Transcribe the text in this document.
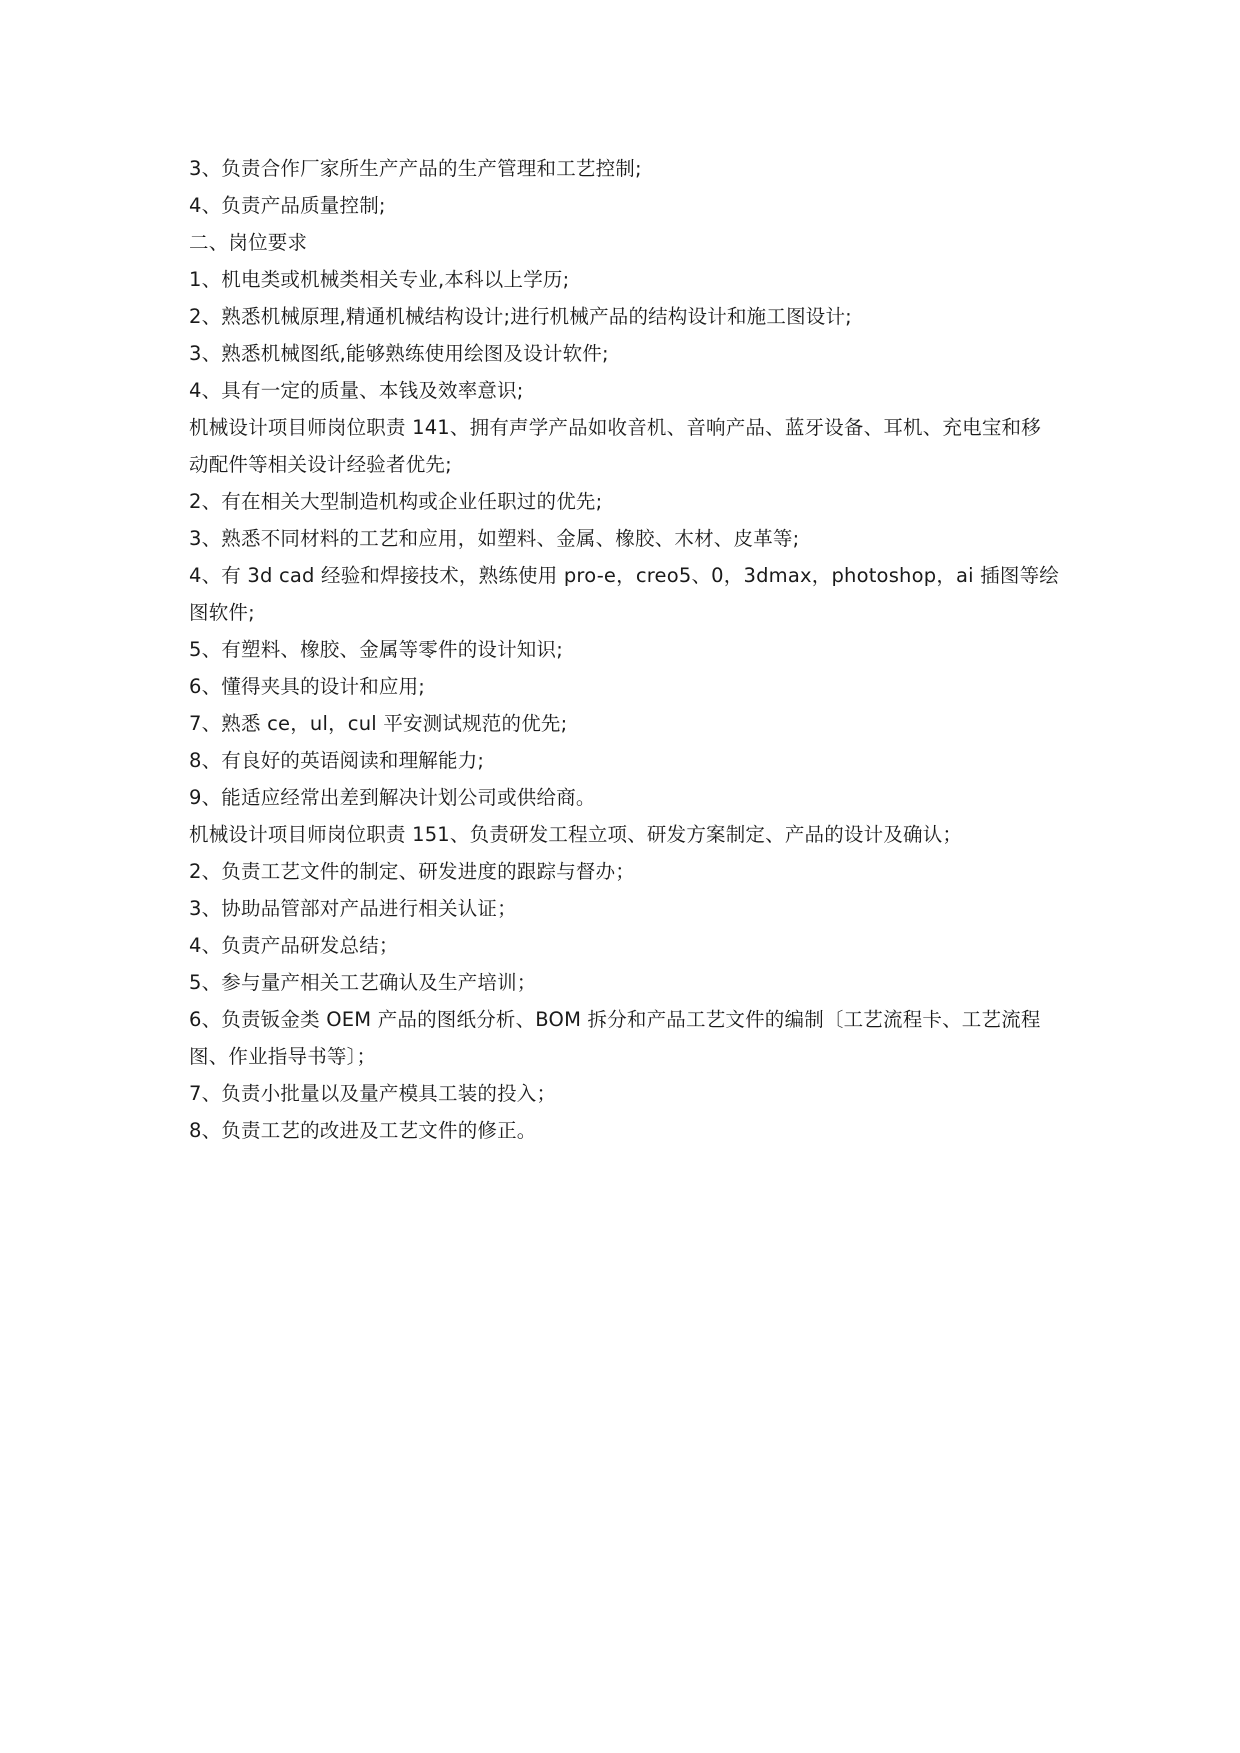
3、负责合作厂家所生产产品的生产管理和工艺控制;

4、负责产品质量控制;

二、岗位要求

1、机电类或机械类相关专业,本科以上学历;

2、熟悉机械原理,精通机械结构设计;进行机械产品的结构设计和施工图设计;

3、熟悉机械图纸,能够熟练使用绘图及设计软件;

4、具有一定的质量、本钱及效率意识;

机械设计项目师岗位职责 141、拥有声学产品如收音机、音响产品、蓝牙设备、耳机、充电宝和移动配件等相关设计经验者优先;

2、有在相关大型制造机构或企业任职过的优先;

3、熟悉不同材料的工艺和应用，如塑料、金属、橡胶、木材、皮革等;

4、有 3d cad 经验和焊接技术，熟练使用 pro-e，creo5、0，3dmax，photoshop，ai 插图等绘图软件;

5、有塑料、橡胶、金属等零件的设计知识;

6、懂得夹具的设计和应用;

7、熟悉 ce，ul，cul 平安测试规范的优先;

8、有良好的英语阅读和理解能力;

9、能适应经常出差到解决计划公司或供给商。

机械设计项目师岗位职责 151、负责研发工程立项、研发方案制定、产品的设计及确认；

2、负责工艺文件的制定、研发进度的跟踪与督办；

3、协助品管部对产品进行相关认证；

4、负责产品研发总结；

5、参与量产相关工艺确认及生产培训；

6、负责钣金类 OEM 产品的图纸分析、BOM 拆分和产品工艺文件的编制〔工艺流程卡、工艺流程图、作业指导书等〕；

7、负责小批量以及量产模具工装的投入；

8、负责工艺的改进及工艺文件的修正。
